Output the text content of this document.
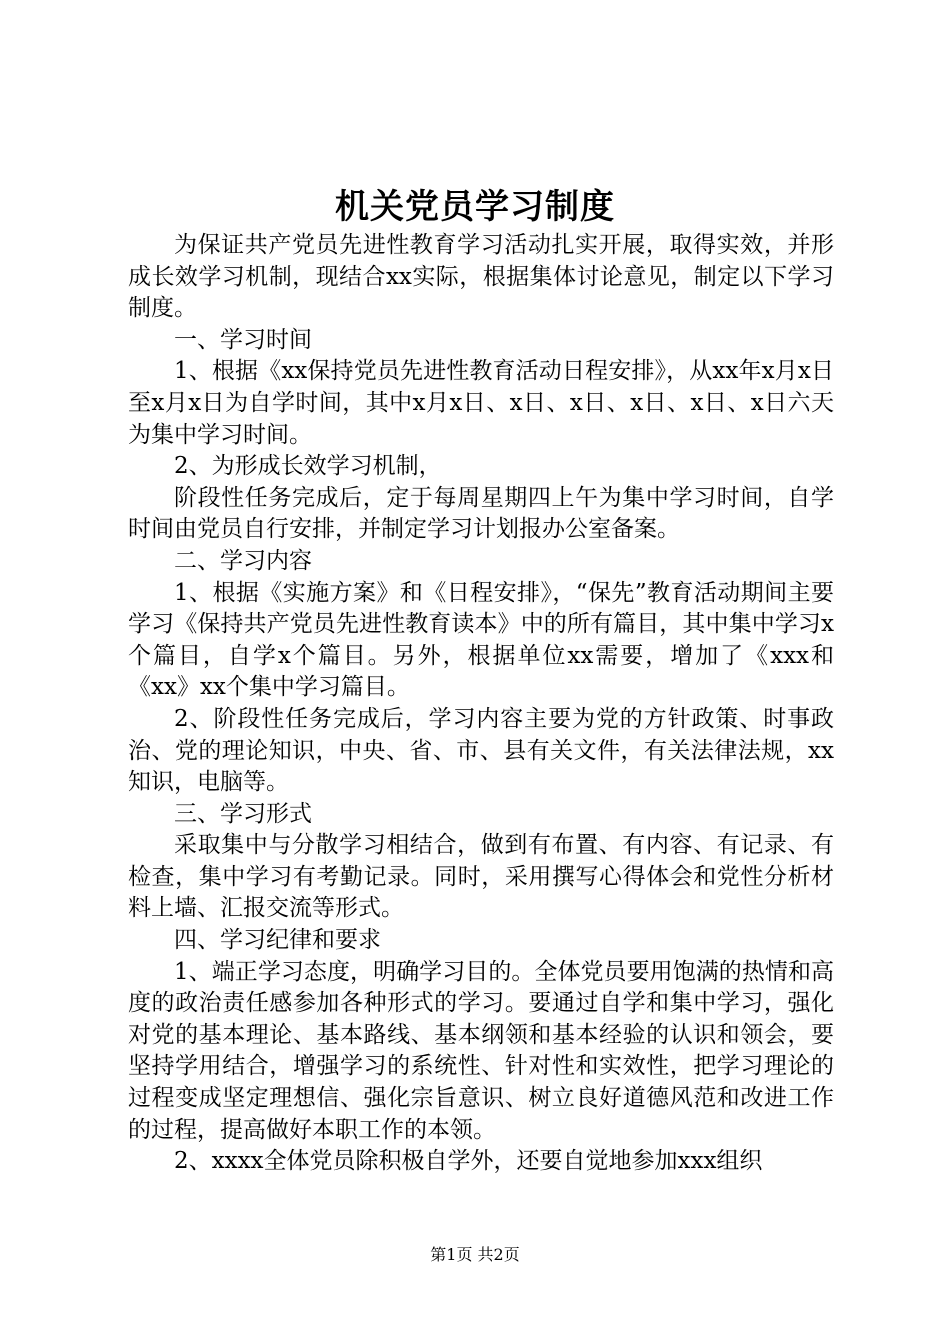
机关党员学习制度

为保证共产党员先进性教育学习活动扎实开展，取得实效，并形成长效学习机制，现结合xx实际，根据集体讨论意见，制定以下学习制度。

一、学习时间

1、根据《xx保持党员先进性教育活动日程安排》，从xx年x月x日至x月x日为自学时间，其中x月x日、x日、x日、x日、x日、x日六天为集中学习时间。

2、为形成长效学习机制，

阶段性任务完成后，定于每周星期四上午为集中学习时间，自学时间由党员自行安排，并制定学习计划报办公室备案。

二、学习内容

1、根据《实施方案》和《日程安排》，“保先”教育活动期间主要学习《保持共产党员先进性教育读本》中的所有篇目，其中集中学习x个篇目，自学x个篇目。另外，根据单位xx需要，增加了《xxx和《xx》xx个集中学习篇目。

2、阶段性任务完成后，学习内容主要为党的方针政策、时事政治、党的理论知识，中央、省、市、县有关文件，有关法律法规，xx知识，电脑等。

三、学习形式

采取集中与分散学习相结合，做到有布置、有内容、有记录、有检查，集中学习有考勤记录。同时，采用撰写心得体会和党性分析材料上墙、汇报交流等形式。

四、学习纪律和要求

1、端正学习态度，明确学习目的。全体党员要用饱满的热情和高度的政治责任感参加各种形式的学习。要通过自学和集中学习，强化对党的基本理论、基本路线、基本纲领和基本经验的认识和领会，要坚持学用结合，增强学习的系统性、针对性和实效性，把学习理论的过程变成坚定理想信、强化宗旨意识、树立良好道德风范和改进工作的过程，提高做好本职工作的本领。

2、xxxx全体党员除积极自学外，还要自觉地参加xxx组织

第1页 共2页
